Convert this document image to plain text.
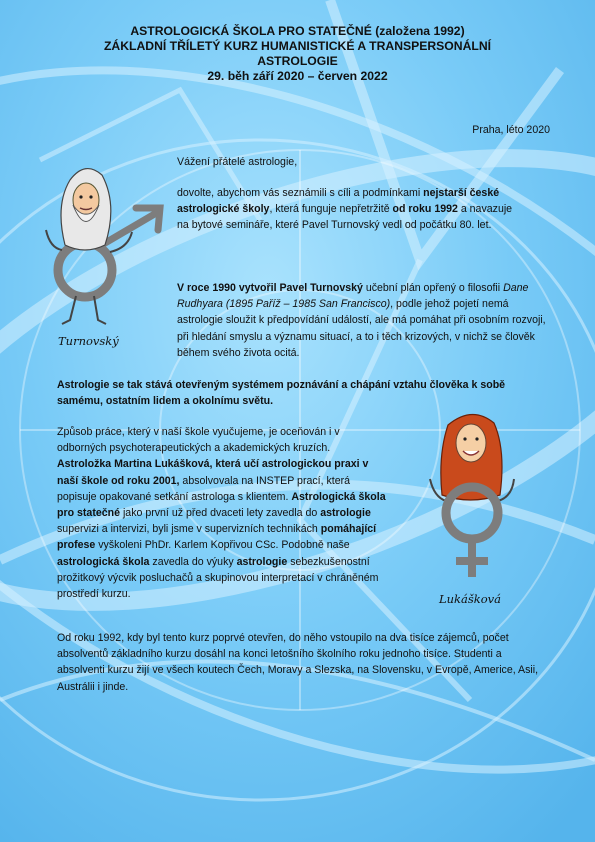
ASTROLOGICKÁ ŠKOLA PRO STATEČNÉ (založena 1992)
ZÁKLADNÍ TŘÍLETÝ KURZ HUMANISTICKÉ A TRANSPERSONÁLNÍ
ASTROLOGIE
29. běh září 2020 – červen 2022
Praha, léto 2020
Vážení přátelé astrologie,
dovolte, abychom vás seznámili s cíli a podmínkami nejstarší české astrologické školy, která funguje nepřetržitě od roku 1992 a navazuje na bytové semináře, které Pavel Turnovský vedl od počátku 80. let.
V roce 1990 vytvořil Pavel Turnovský učební plán opřený o filosofii Dane Rudhyara (1895 Paříž – 1985 San Francisco), podle jehož pojetí nemá astrologie sloužit k předpovídání událostí, ale má pomáhat při osobním rozvoji, při hledání smyslu a významu situací, a to i těch krizových, v nichž se člověk během svého života ocitá.
Astrologie se tak stává otevřeným systémem poznávání a chápání vztahu člověka k sobě samému, ostatním lidem a okolnímu světu.
Způsob práce, který v naší škole vyučujeme, je oceňován i v odborných psychoterapeutických a akademických kruzích. Astroložka Martina Lukášková, která učí astrologickou praxi v naší škole od roku 2001, absolvovala na INSTEP prací, která popisuje opakované setkání astrologa s klientem. Astrologická škola pro statečné jako první už před dvaceti lety zavedla do astrologie supervizi a intervizi, byli jsme v supervizních technikách pomáhající profese vyškoleni PhDr. Karlem Kopřivou CSc. Podobně naše astrologická škola zavedla do výuky astrologie sebezkušenostní prožitkový výcvik posluchačů a skupinovou interpretací v chráněném prostředí kurzu.
Od roku 1992, kdy byl tento kurz poprvé otevřen, do něho vstoupilo na dva tisíce zájemců, počet absolventů základního kurzu dosáhl na konci letošního školního roku jednoho tisíce. Studenti a absolventi kurzu žijí ve všech koutech Čech, Moravy a Slezska, na Slovensku, v Evropě, Americe, Asii, Austrálii i jinde.
Turnovský
Lukášková
